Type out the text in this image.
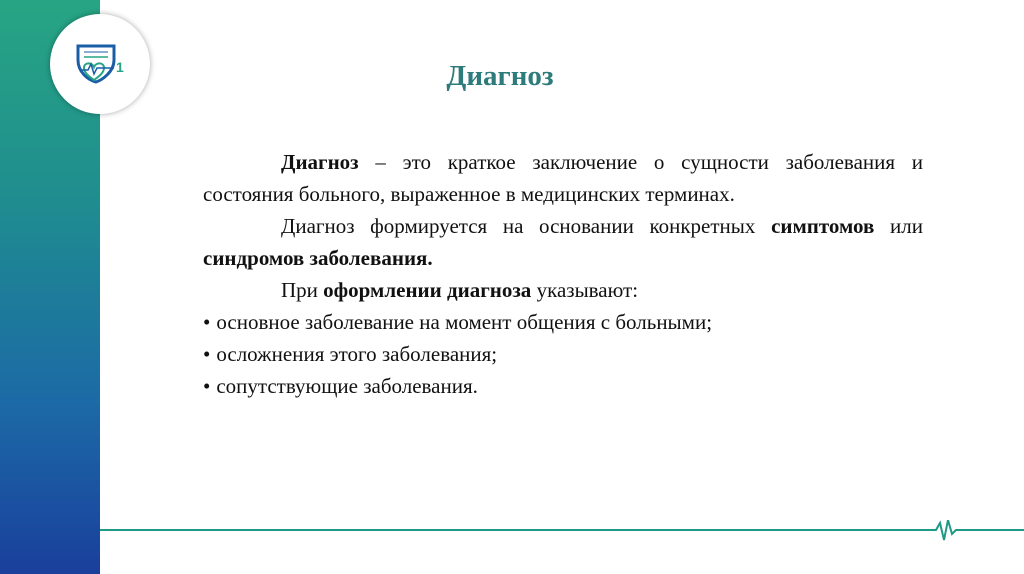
1	Диагноз

Диагноз – это краткое заключение о сущности заболевания и состояния больного, выраженное в медицинских терминах.

Диагноз формируется на основании конкретных симптомов или синдромов заболевания.

При оформлении диагноза указывают:

• основное заболевание на момент общения с больными;

• осложнения этого заболевания;

• сопутствующие заболевания.
